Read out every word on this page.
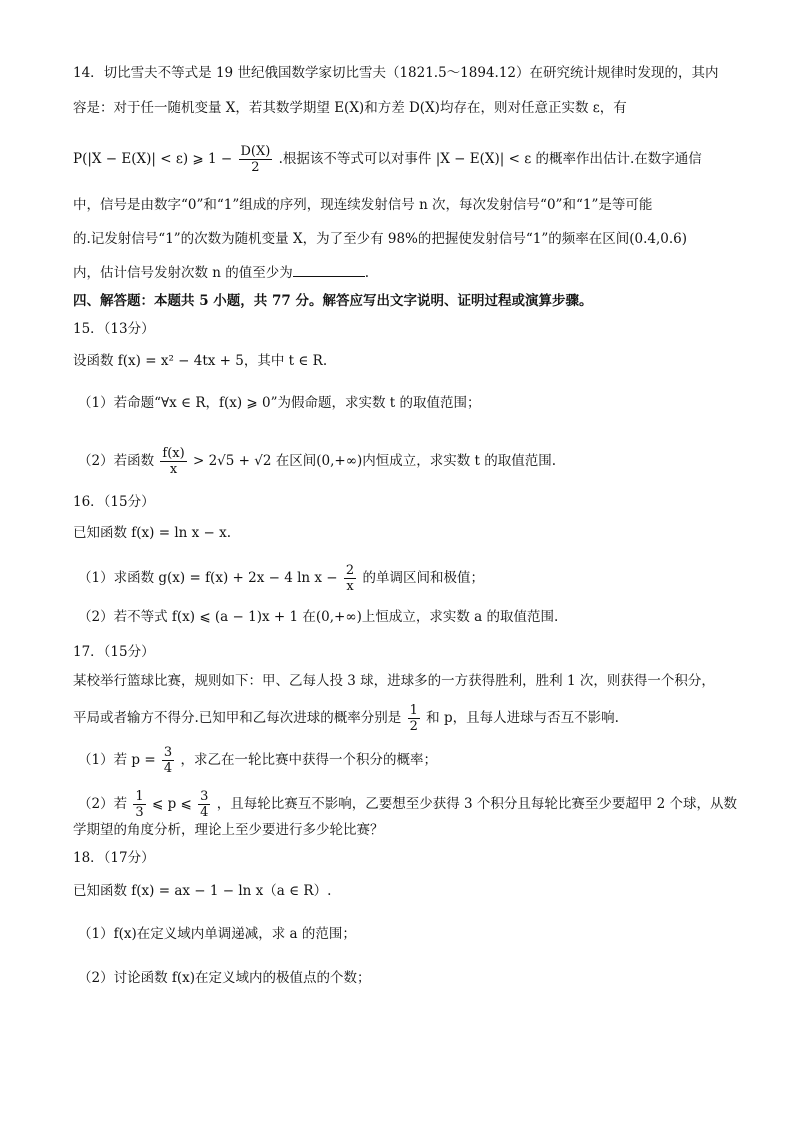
14．切比雪夫不等式是 19 世纪俄国数学家切比雪夫（1821.5～1894.12）在研究统计规律时发现的，其内
容是：对于任一随机变量 X，若其数学期望 E(X)和方差 D(X)均存在，则对任意正实数 ε，有
P(|X − E(X)| < ε) ⩾ $1 - \frac{D(X)}{2}$ .根据该不等式可以对事件 |X − E(X)| < ε 的概率作出估计.在数字通信
中，信号是由数字“0”和“1”组成的序列，现连续发射信号 n 次，每次发射信号“0”和“1”是等可能
的.记发射信号“1”的次数为随机变量 X，为了至少有 98%的把握使发射信号“1”的频率在区间(0.4,0.6)
内，估计信号发射次数 n 的值至少为	.
四、解答题：本题共 5 小题，共 77 分。解答应写出文字说明、证明过程或演算步骤。
15．（13分）
设函数 f(x) = x² − 4tx + 5，其中 t ∈ R.
（1）若命题“∀x ∈ R，f(x) ⩾ 0”为假命题，求实数 t 的取值范围；
（2）若函数 $\frac{f(x)}{x} > 2√5 + √2$ 在区间(0,+∞)内恒成立，求实数 t 的取值范围.
16．（15分）
已知函数 f(x) = ln x − x.
（1）求函数 g(x) = f(x) + 2x − 4 $\ln x - \frac{2}{x}$ 的单调区间和极值；
（2）若不等式 f(x) ⩽ (a − 1)x + 1 在(0,+∞)上恒成立，求实数 a 的取值范围.
17．（15分）
某校举行篮球比赛，规则如下：甲、乙每人投 3 球，进球多的一方获得胜利，胜利 1 次，则获得一个积分，
平局或者输方不得分.已知甲和乙每次进球的概率分别是 $\frac{1}{2}$ 和 p，且每人进球与否互不影响.
（1）若 $p = \frac{3}{4}$ ，求乙在一轮比赛中获得一个积分的概率；
（2）若 $\frac{1}{3}$ ⩽ p ⩽ $\frac{3}{4}$ ，且每轮比赛互不影响，乙要想至少获得 3 个积分且每轮比赛至少要超甲 2 个球，从数
学期望的角度分析，理论上至少要进行多少轮比赛？
18．（17分）
已知函数 f(x) = ax − 1 − ln x（a ∈ R）.
（1）f(x)在定义域内单调递减，求 a 的范围；
（2）讨论函数 f(x)在定义域内的极值点的个数；
